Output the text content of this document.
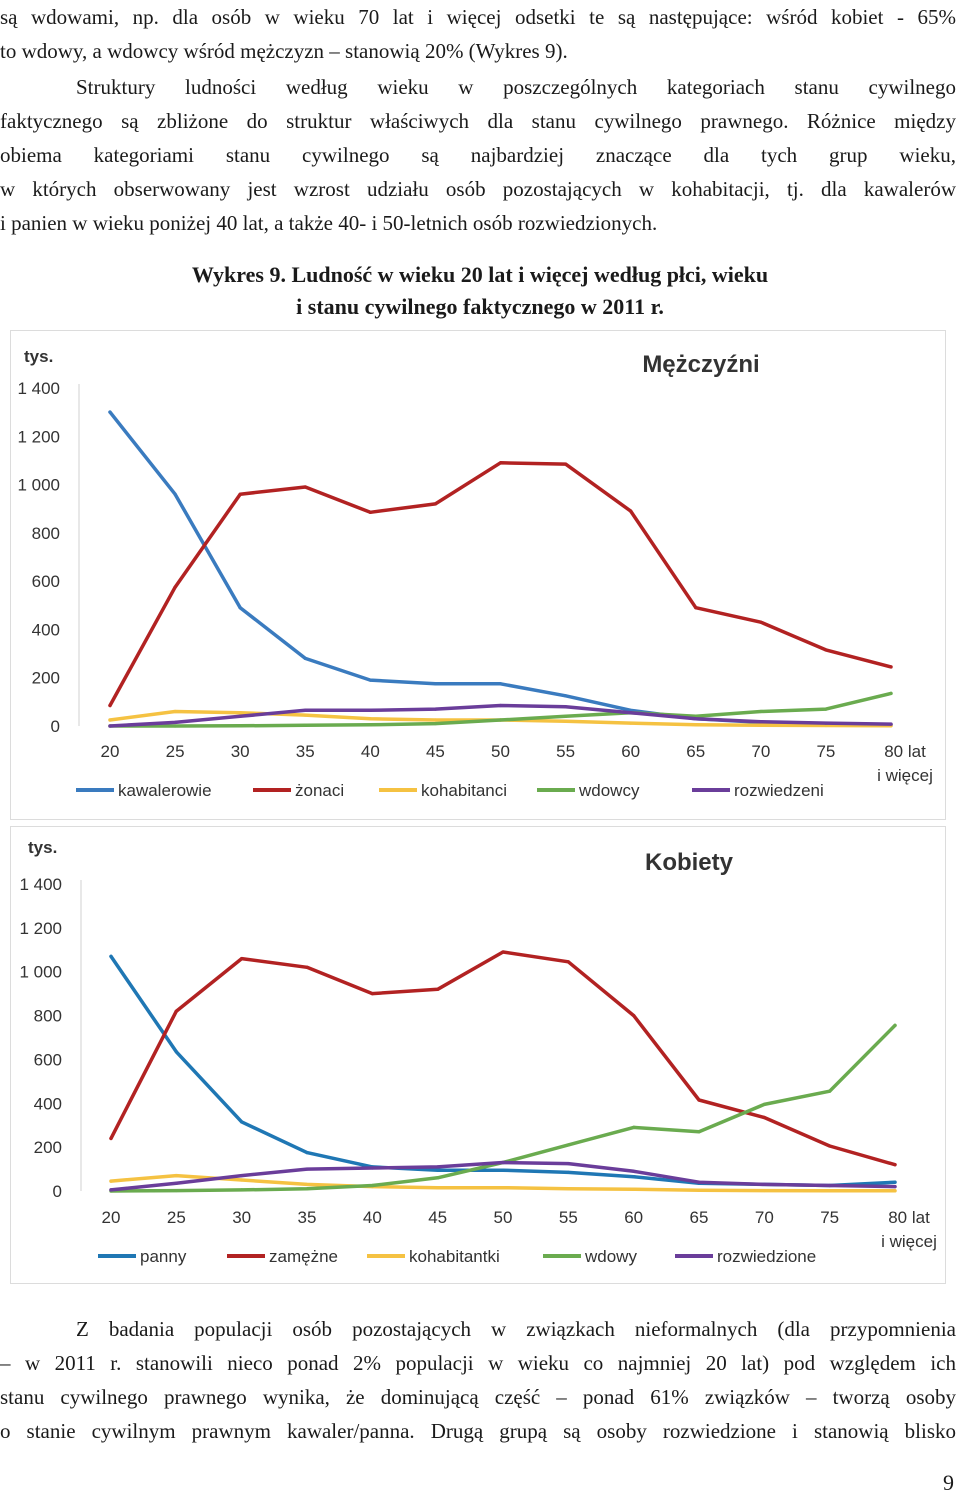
są wdowami, np. dla osób w wieku 70 lat i więcej odsetki te są następujące: wśród kobiet - 65%
to wdowy, a wdowcy wśród mężczyzn – stanowią 20% (Wykres 9).
Struktury ludności według wieku w poszczególnych kategoriach stanu cywilnego
faktycznego są zbliżone do struktur właściwych dla stanu cywilnego prawnego. Różnice między
obiema kategoriami stanu cywilnego są najbardziej znaczące dla tych grup wieku,
w których obserwowany jest wzrost udziału osób pozostających w kohabitacji, tj. dla kawalerów
i panien w wieku poniżej 40 lat, a także 40- i 50-letnich osób rozwiedzionych.
Wykres 9. Ludność w wieku 20 lat i więcej według płci, wieku
i stanu cywilnego faktycznego w 2011 r.
tys.	Mężczyźni
0
200
400
600
800
1 000
1 200
1 400
20	25	30	35	40	45	50	55	60	65	70	75	80 lat i więcej
kawalerowie	żonaci	kohabitanci	wdowcy	rozwiedzeni
tys.
Kobiety
0
200
400
600
800
1 000
1 200
1 400
20	25	30	35	40	45	50	55	60	65	70	75	80 lat i więcej
panny	zamężne	kohabitantki	wdowy	rozwiedzione
Z badania populacji osób pozostających w związkach nieformalnych (dla przypomnienia
– w 2011 r. stanowili nieco ponad 2% populacji w wieku co najmniej 20 lat) pod względem ich
stanu cywilnego prawnego wynika, że dominującą część – ponad 61% związków – tworzą osoby
o stanie cywilnym prawnym kawaler/panna. Drugą grupą są osoby rozwiedzione i stanowią blisko
9
